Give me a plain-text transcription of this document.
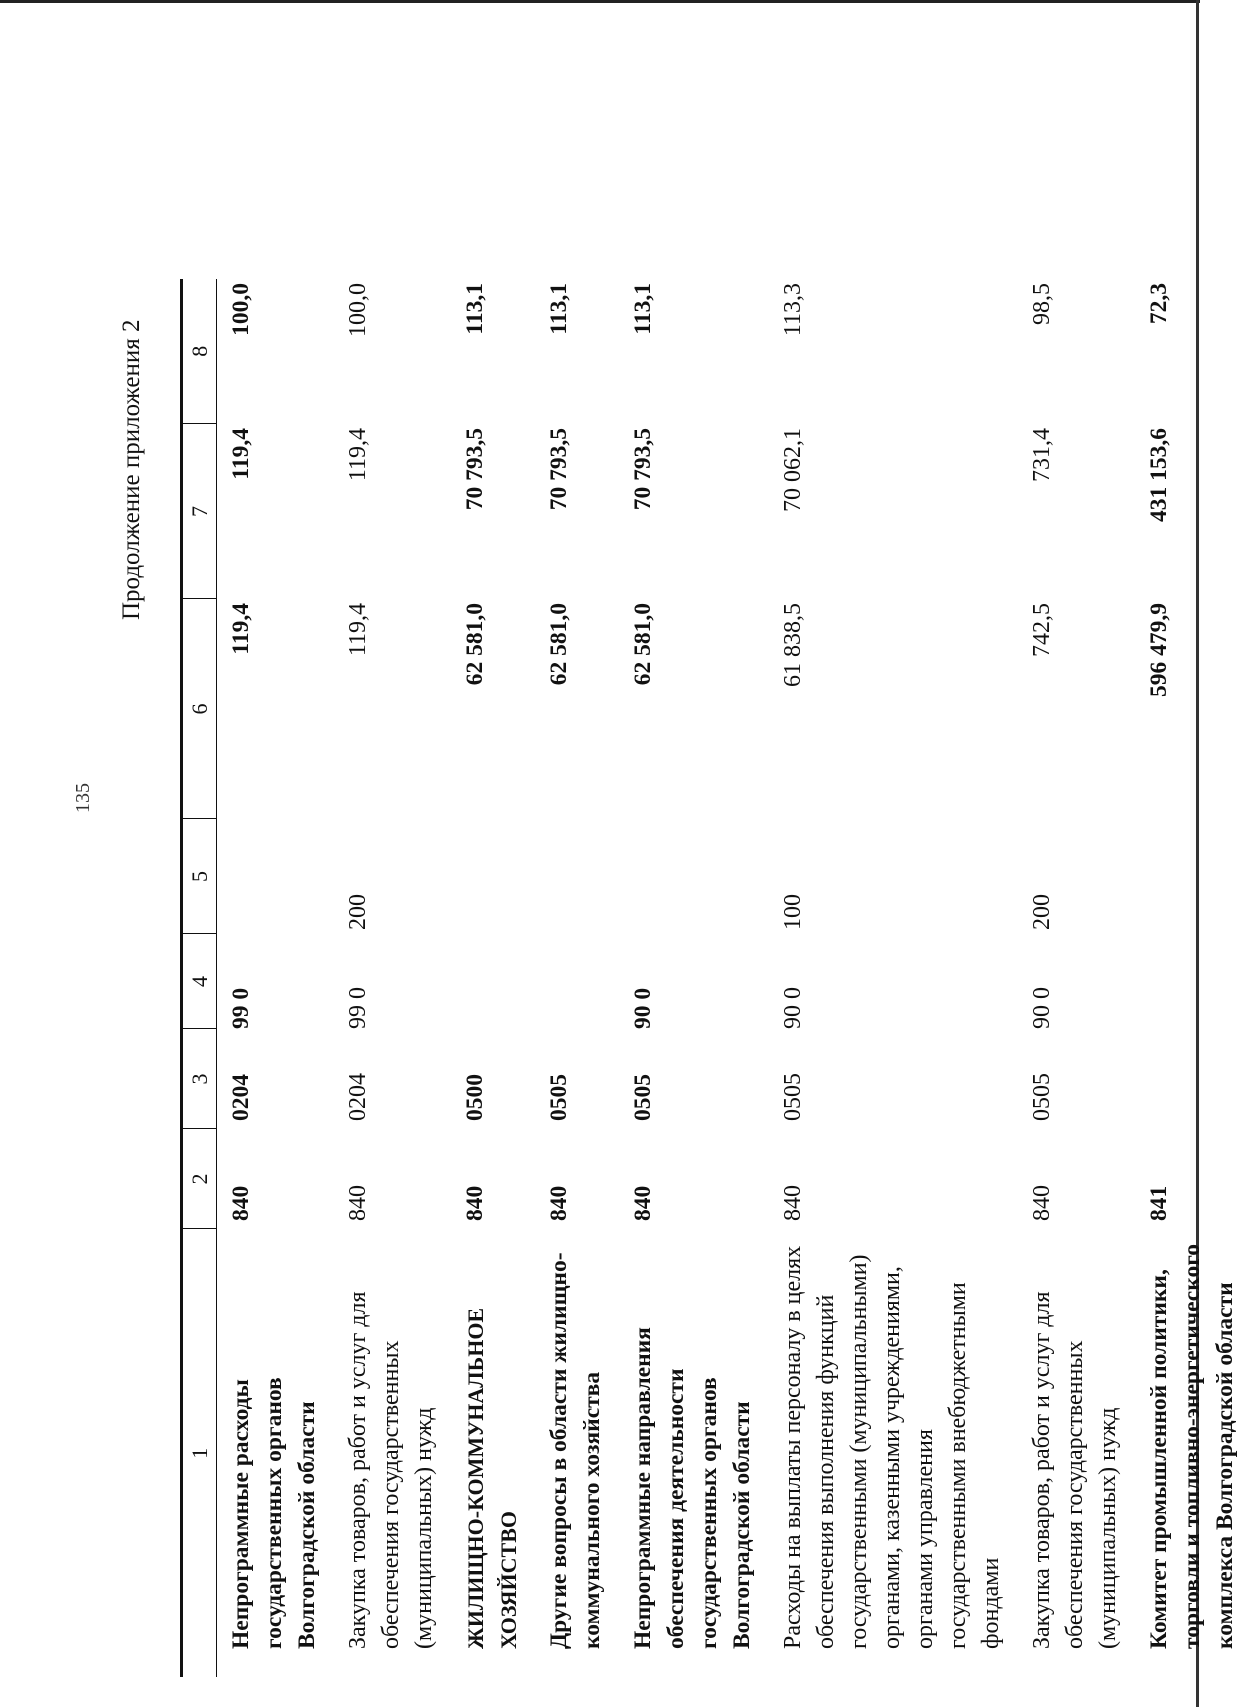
135
Продолжение приложения 2
1	2	3	4	5	6	7	8
Непрограммные расходы государственных органов Волгоградской области	840	0204	99 0		119,4	119,4	100,0
Закупка товаров, работ и услуг для обеспечения государственных (муниципальных) нужд	840	0204	99 0	200	119,4	119,4	100,0
ЖИЛИЩНО-КОММУНАЛЬНОЕ ХОЗЯЙСТВО	840	0500			62 581,0	70 793,5	113,1
Другие вопросы в области жилищно-коммунального хозяйства	840	0505			62 581,0	70 793,5	113,1
Непрограммные направления обеспечения деятельности государственных органов Волгоградской области	840	0505	90 0		62 581,0	70 793,5	113,1
Расходы на выплаты персоналу в целях обеспечения выполнения функций государственными (муниципальными) органами, казенными учреждениями, органами управления государственными внебюджетными фондами	840	0505	90 0	100	61 838,5	70 062,1	113,3
Закупка товаров, работ и услуг для обеспечения государственных (муниципальных) нужд	840	0505	90 0	200	742,5	731,4	98,5
Комитет промышленной политики, торговли и топливно-энергетического комплекса Волгоградской области	841				596 479,9	431 153,6	72,3
